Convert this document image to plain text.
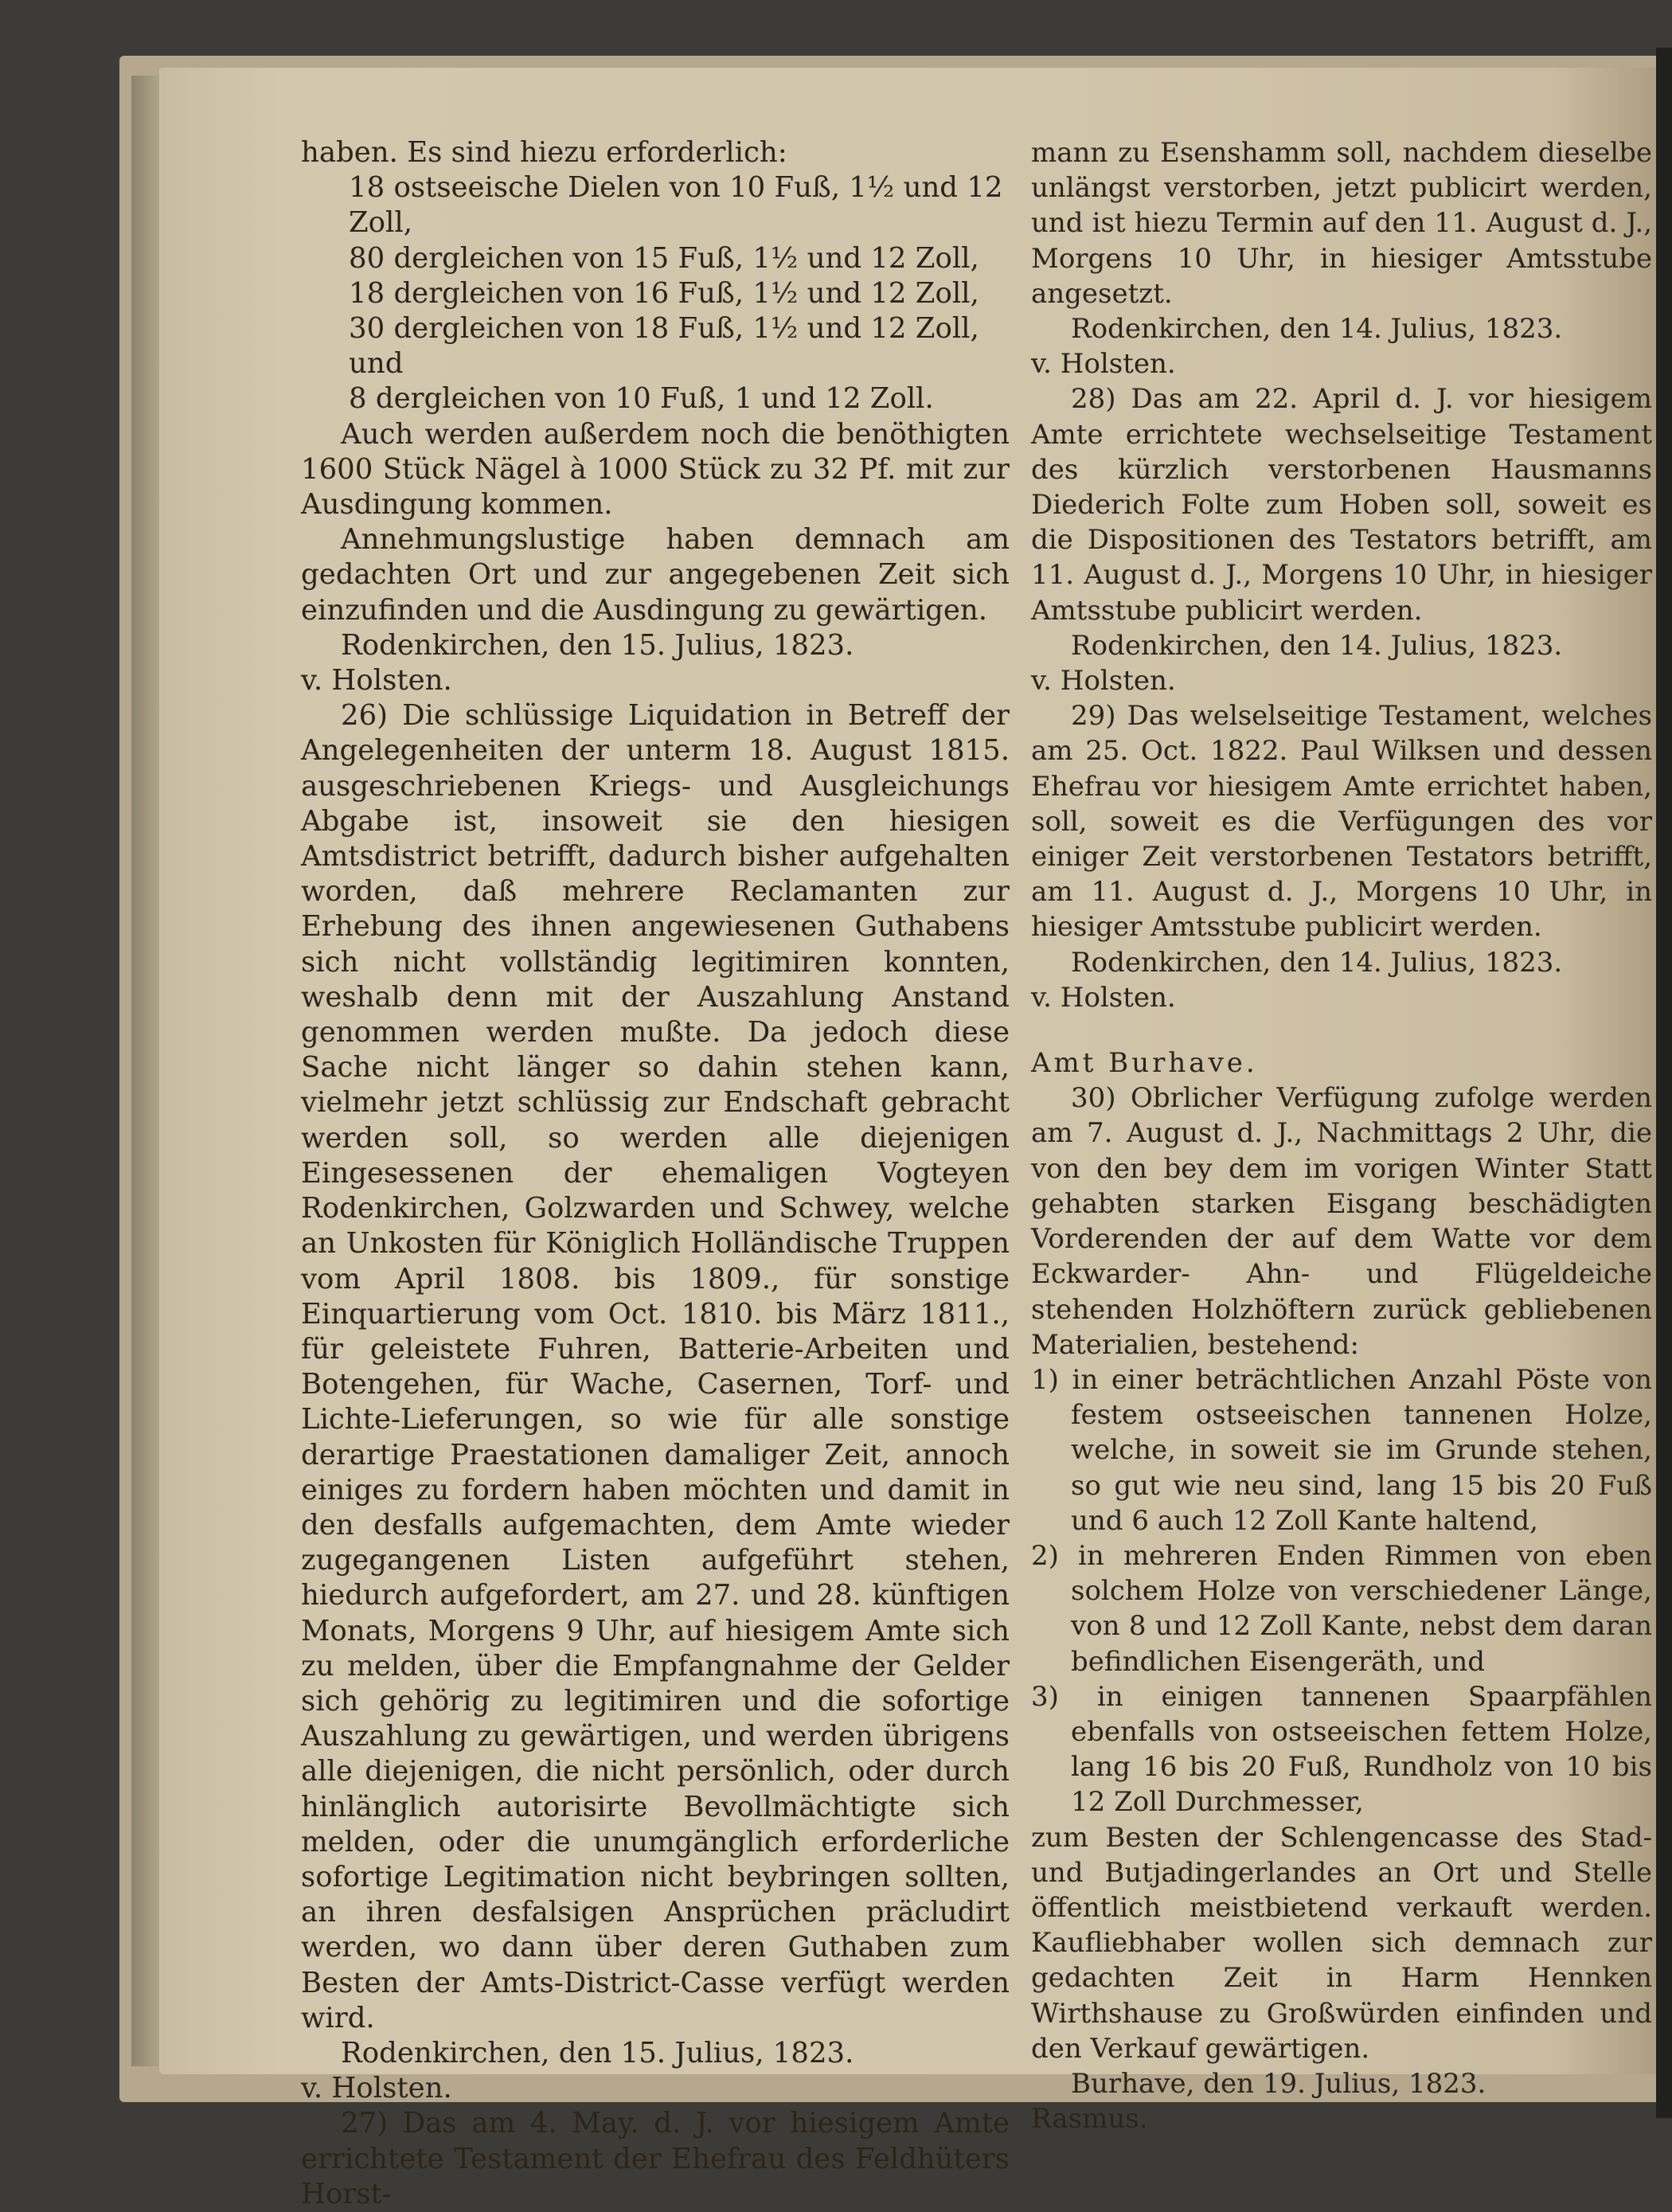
haben. Es sind hiezu erforderlich:

18 ostseeische Dielen von 10 Fuß, 1½ und 12 Zoll,
80 dergleichen von 15 Fuß, 1½ und 12 Zoll,
18 dergleichen von 16 Fuß, 1½ und 12 Zoll,
30 dergleichen von 18 Fuß, 1½ und 12 Zoll, und
8 dergleichen von 10 Fuß, 1 und 12 Zoll.

Auch werden außerdem noch die benöthigten 1600 Stück Nägel à 1000 Stück zu 32 Pf. mit zur Ausdingung kommen.

Annehmungslustige haben demnach am gedachten Ort und zur angegebenen Zeit sich einzufinden und die Ausdingung zu gewärtigen.

Rodenkirchen, den 15. Julius, 1823.

v. Holsten.

26) Die schlüssige Liquidation in Betreff der Angelegenheiten der unterm 18. August 1815. ausgeschriebenen Kriegs- und Ausgleichungs Abgabe ist, insoweit sie den hiesigen Amtsdistrict betrifft, dadurch bisher aufgehalten worden, daß mehrere Reclamanten zur Erhebung des ihnen angewiesenen Guthabens sich nicht vollständig legitimiren konnten, weshalb denn mit der Auszahlung Anstand genommen werden mußte. Da jedoch diese Sache nicht länger so dahin stehen kann, vielmehr jetzt schlüssig zur Endschaft gebracht werden soll, so werden alle diejenigen Eingesessenen der ehemaligen Vogteyen Rodenkirchen, Golzwarden und Schwey, welche an Unkosten für Königlich Holländische Truppen vom April 1808. bis 1809., für sonstige Einquartierung vom Oct. 1810. bis März 1811., für geleistete Fuhren, Batterie-Arbeiten und Botengehen, für Wache, Casernen, Torf- und Lichte-Lieferungen, so wie für alle sonstige derartige Praestationen damaliger Zeit, annoch einiges zu fordern haben möchten und damit in den desfalls aufgemachten, dem Amte wieder zugegangenen Listen aufgeführt stehen, hiedurch aufgefordert, am 27. und 28. künftigen Monats, Morgens 9 Uhr, auf hiesigem Amte sich zu melden, über die Empfangnahme der Gelder sich gehörig zu legitimiren und die sofortige Auszahlung zu gewärtigen, und werden übrigens alle diejenigen, die nicht persönlich, oder durch hinlänglich autorisirte Bevollmächtigte sich melden, oder die unumgänglich erforderliche sofortige Legitimation nicht beybringen sollten, an ihren desfalsigen Ansprüchen präcludirt werden, wo dann über deren Guthaben zum Besten der Amts-District-Casse verfügt werden wird.

Rodenkirchen, den 15. Julius, 1823.

v. Holsten.

27) Das am 4. May. d. J. vor hiesigem Amte errichtete Testament der Ehefrau des Feldhüters Horst-

mann zu Esenshamm soll, nachdem dieselbe unlängst verstorben, jetzt publicirt werden, und ist hiezu Termin auf den 11. August d. J., Morgens 10 Uhr, in hiesiger Amtsstube angesetzt.

Rodenkirchen, den 14. Julius, 1823.

v. Holsten.

28) Das am 22. April d. J. vor hiesigem Amte errichtete wechselseitige Testament des kürzlich verstorbenen Hausmanns Diederich Folte zum Hoben soll, soweit es die Dispositionen des Testators betrifft, am 11. August d. J., Morgens 10 Uhr, in hiesiger Amtsstube publicirt werden.

Rodenkirchen, den 14. Julius, 1823.

v. Holsten.

29) Das welselseitige Testament, welches am 25. Oct. 1822. Paul Wilksen und dessen Ehefrau vor hiesigem Amte errichtet haben, soll, soweit es die Verfügungen des vor einiger Zeit verstorbenen Testators betrifft, am 11. August d. J., Morgens 10 Uhr, in hiesiger Amtsstube publicirt werden.

Rodenkirchen, den 14. Julius, 1823.

v. Holsten.

Amt Burhave.

30) Obrlicher Verfügung zufolge werden am 7. August d. J., Nachmittags 2 Uhr, die von den bey dem im vorigen Winter Statt gehabten starken Eisgang beschädigten Vorderenden der auf dem Watte vor dem Eckwarder- Ahn- und Flügeldeiche stehenden Holzhöftern zurück gebliebenen Materialien, bestehend:

1) in einer beträchtlichen Anzahl Pöste von festem ostseeischen tannenen Holze, welche, in soweit sie im Grunde stehen, so gut wie neu sind, lang 15 bis 20 Fuß und 6 auch 12 Zoll Kante haltend,

2) in mehreren Enden Rimmen von eben solchem Holze von verschiedener Länge, von 8 und 12 Zoll Kante, nebst dem daran befindlichen Eisengeräth, und

3) in einigen tannenen Spaarpfählen ebenfalls von ostseeischen fettem Holze, lang 16 bis 20 Fuß, Rundholz von 10 bis 12 Zoll Durchmesser,

zum Besten der Schlengencasse des Stad- und Butjadingerlandes an Ort und Stelle öffentlich meistbietend verkauft werden. Kaufliebhaber wollen sich demnach zur gedachten Zeit in Harm Hennken Wirthshause zu Großwürden einfinden und den Verkauf gewärtigen.

Burhave, den 19. Julius, 1823.

Rasmus.
